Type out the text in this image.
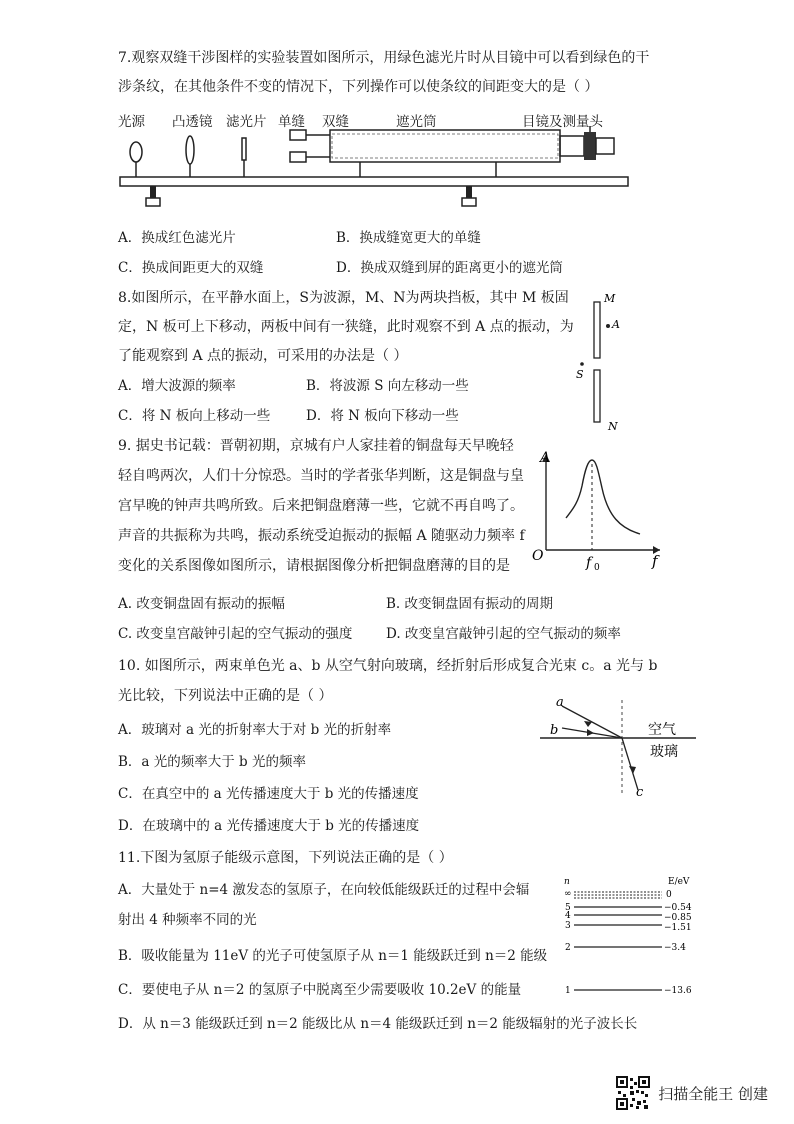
7.观察双缝干涉图样的实验装置如图所示，用绿色滤光片时从目镜中可以看到绿色的干
涉条纹，在其他条件不变的情况下，下列操作可以使条纹的间距变大的是（ ）
光源 凸透镜 滤光片 单缝 双缝	遮光筒	目镜及测量头
A．换成红色滤光片	B．换成缝宽更大的单缝
C．换成间距更大的双缝	D．换成双缝到屏的距离更小的遮光筒
8.如图所示，在平静水面上，S为波源，M、N为两块挡板，其中 M 板固
定，N 板可上下移动，两板中间有一狭缝，此时观察不到 A 点的振动，为
了能观察到 A 点的振动，可采用的办法是（ ）
M
A
S
N
A．增大波源的频率	B．将波源 S 向左移动一些
C．将 N 板向上移动一些	D．将 N 板向下移动一些
9. 据史书记载：晋朝初期，京城有户人家挂着的铜盘每天早晚轻
轻自鸣两次，人们十分惊恐。当时的学者张华判断，这是铜盘与皇
宫早晚的钟声共鸣所致。后来把铜盘磨薄一些，它就不再自鸣了。
声音的共振称为共鸣，振动系统受迫振动的振幅 A 随驱动力频率 f
变化的关系图像如图所示，请根据图像分析把铜盘磨薄的目的是
A
f
O	f 0
A. 改变铜盘固有振动的振幅	B. 改变铜盘固有振动的周期
C. 改变皇宫敲钟引起的空气振动的强度 D. 改变皇宫敲钟引起的空气振动的频率
10. 如图所示，两束单色光 a、b 从空气射向玻璃，经折射后形成复合光束 c。a 光与 b
光比较，下列说法中正确的是（ ）	a
b
c
空气
玻璃
A．玻璃对 a 光的折射率大于对 b 光的折射率
B．a 光的频率大于 b 光的频率
C．在真空中的 a 光传播速度大于 b 光的传播速度
D．在玻璃中的 a 光传播速度大于 b 光的传播速度
11.下图为氢原子能级示意图，下列说法正确的是（ ）
A．大量处于 n=4 激发态的氢原子，在向较低能级跃迁的过程中会辐
射出 4 种频率不同的光
B．吸收能量为 11eV 的光子可使氢原子从 n＝1 能级跃迁到 n＝2 能级
C．要使电子从 n＝2 的氢原子中脱离至少需要吸收 10.2eV 的能量
D．从 n＝3 能级跃迁到 n＝2 能级比从 n＝4 能级跃迁到 n＝2 能级辐射的光子波长长
n	E/eV
∞	0
5	−0.54
4	−0.85
3	−1.51
2	−3.4
1	−13.6
扫描全能王 创建
